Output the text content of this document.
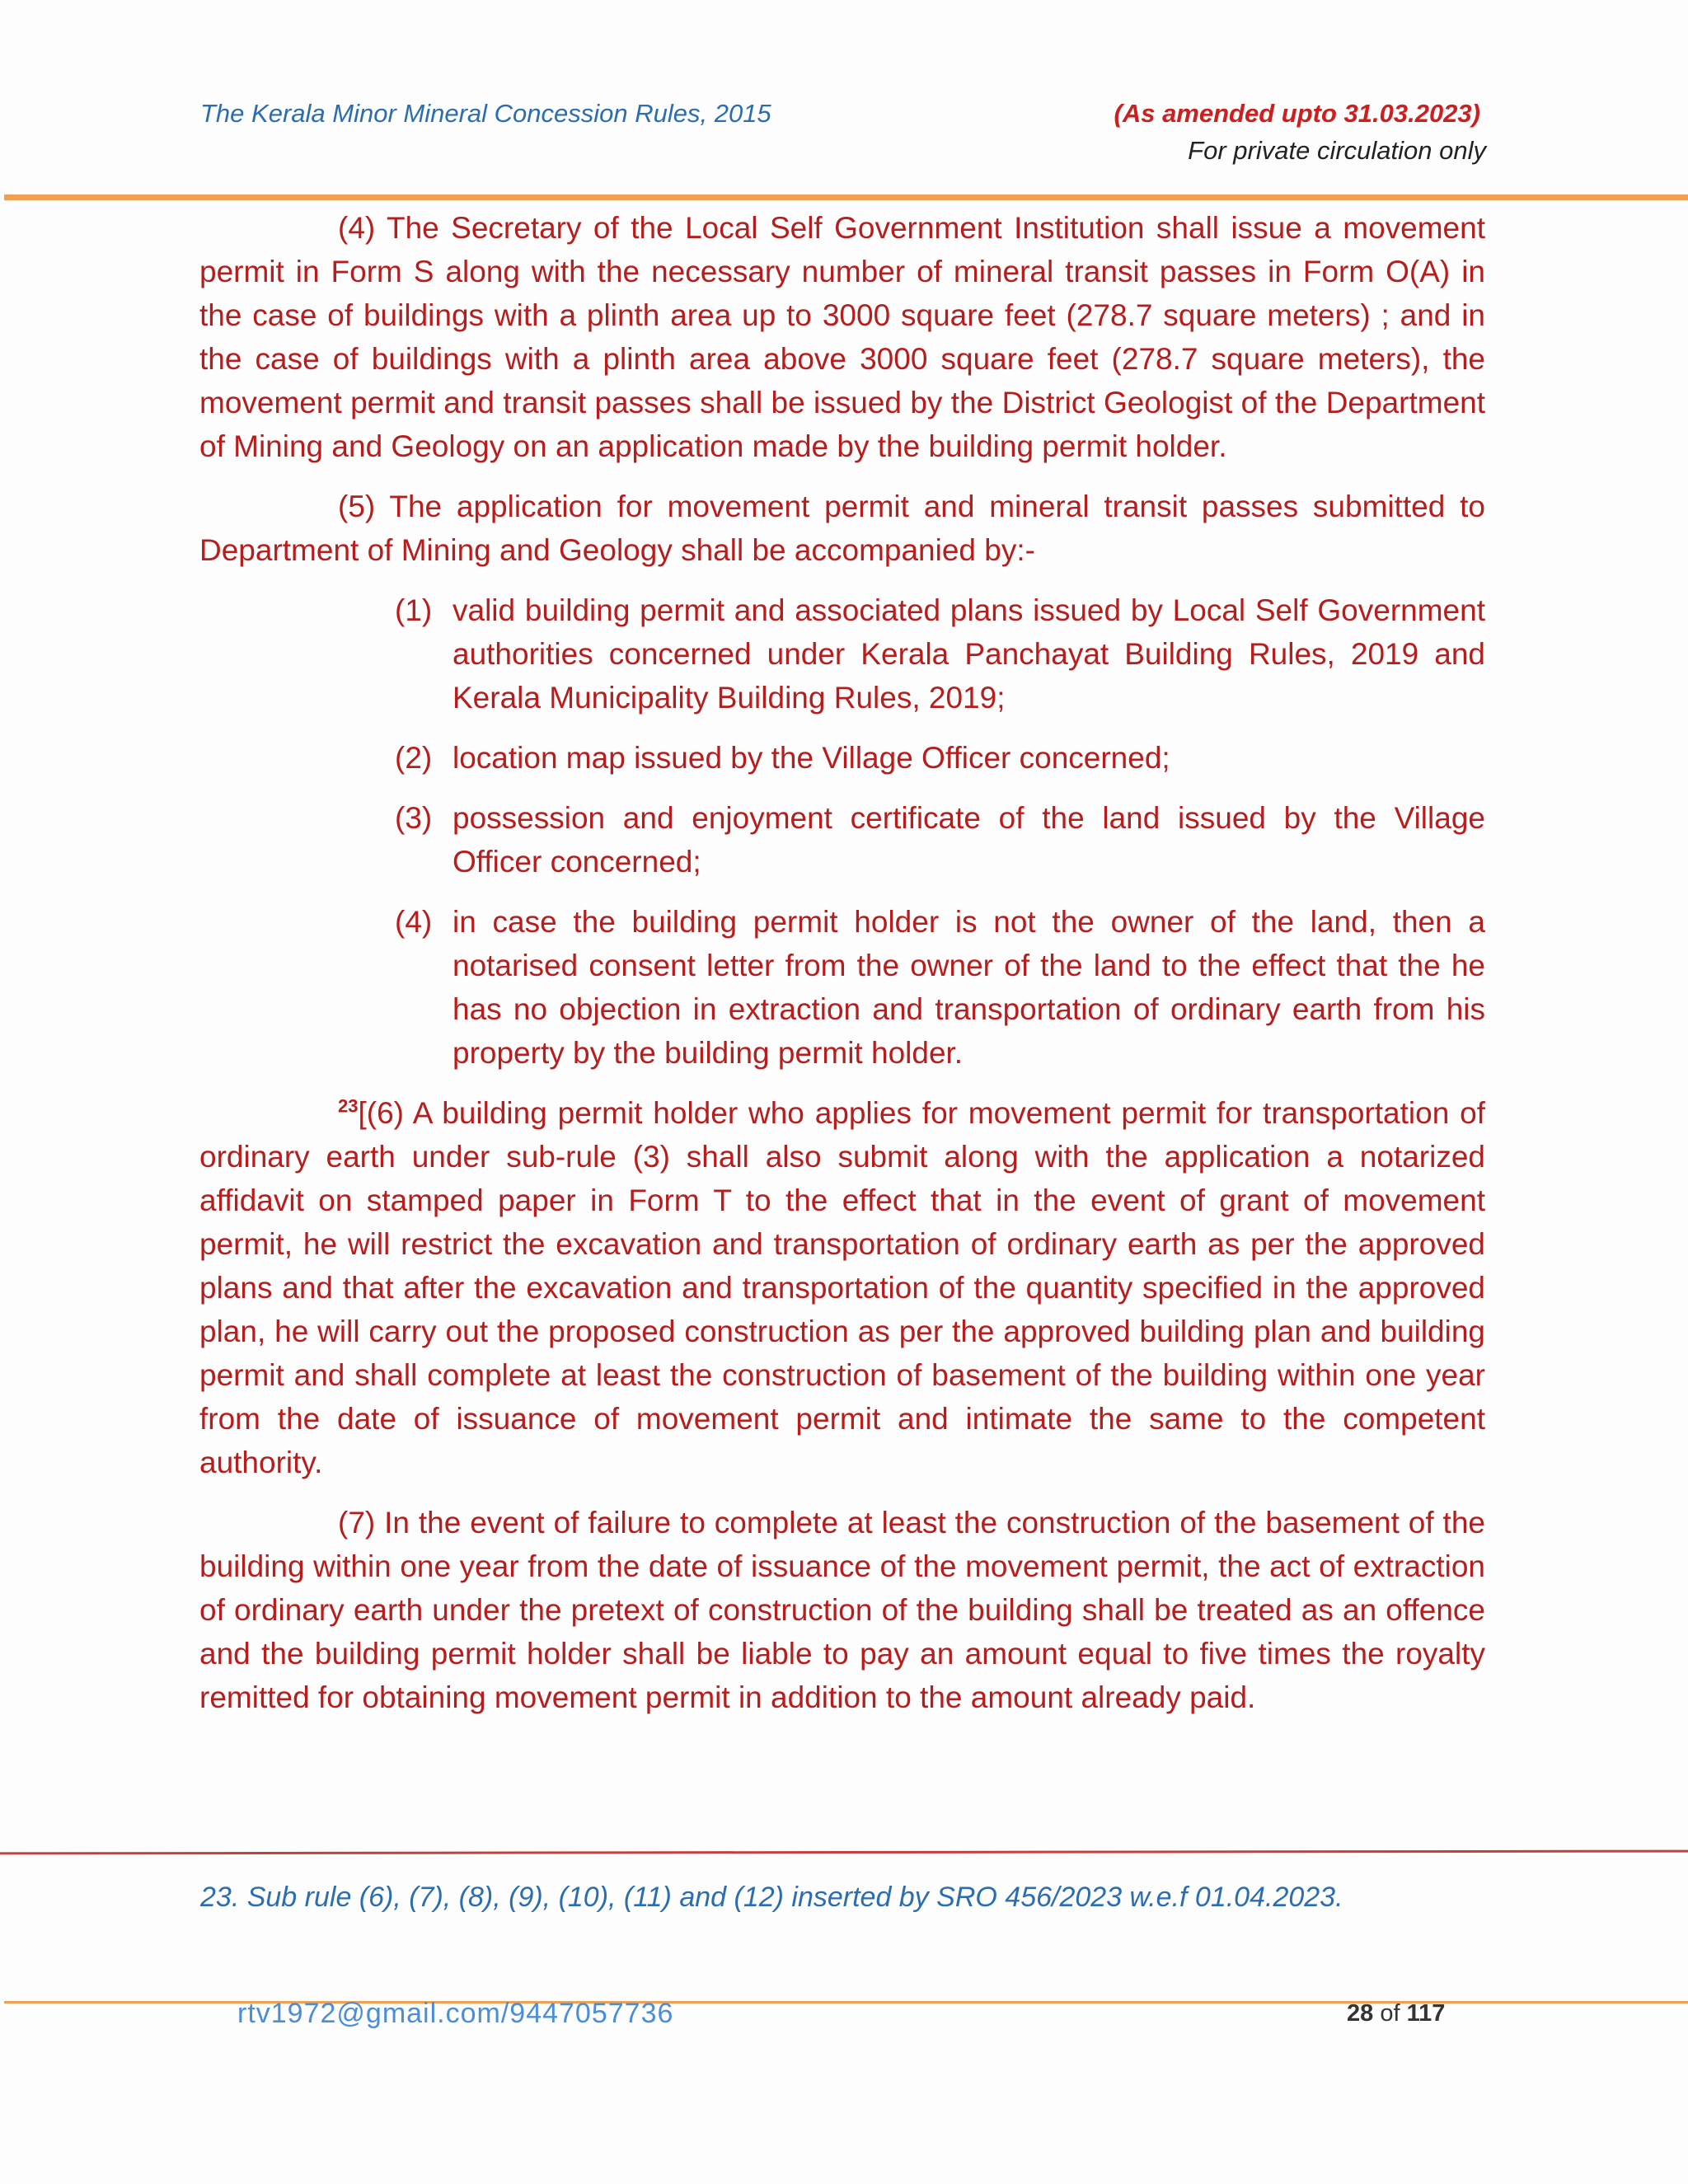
The Kerala Minor Mineral Concession Rules, 2015	(As amended upto 31.03.2023)
For private circulation only

(4) The Secretary of the Local Self Government Institution shall issue a movement permit in Form S along with the necessary number of mineral transit passes in Form O(A) in the case of buildings with a plinth area up to 3000 square feet (278.7 square meters) ; and in the case of buildings with a plinth area above 3000 square feet (278.7 square meters), the movement permit and transit passes shall be issued by the District Geologist of the Department of Mining and Geology on an application made by the building permit holder.

(5) The application for movement permit and mineral transit passes submitted to Department of Mining and Geology shall be accompanied by:-

(1) valid building permit and associated plans issued by Local Self Government authorities concerned under Kerala Panchayat Building Rules, 2019 and Kerala Municipality Building Rules, 2019;
(2) location map issued by the Village Officer concerned;
(3) possession and enjoyment certificate of the land issued by the Village Officer concerned;
(4) in case the building permit holder is not the owner of the land, then a notarised consent letter from the owner of the land to the effect that the he has no objection in extraction and transportation of ordinary earth from his property by the building permit holder.

$^{23}$[(6) A building permit holder who applies for movement permit for transportation of ordinary earth under sub-rule (3) shall also submit along with the application a notarized affidavit on stamped paper in Form T to the effect that in the event of grant of movement permit, he will restrict the excavation and transportation of ordinary earth as per the approved plans and that after the excavation and transportation of the quantity specified in the approved plan, he will carry out the proposed construction as per the approved building plan and building permit and shall complete at least the construction of basement of the building within one year from the date of issuance of movement permit and intimate the same to the competent authority.

(7) In the event of failure to complete at least the construction of the basement of the building within one year from the date of issuance of the movement permit, the act of extraction of ordinary earth under the pretext of construction of the building shall be treated as an offence and the building permit holder shall be liable to pay an amount equal to five times the royalty remitted for obtaining movement permit in addition to the amount already paid.

23. Sub rule (6), (7), (8), (9), (10), (11) and (12) inserted by SRO 456/2023 w.e.f 01.04.2023.
rtv1972@gmail.com/9447057736	28 of 117
